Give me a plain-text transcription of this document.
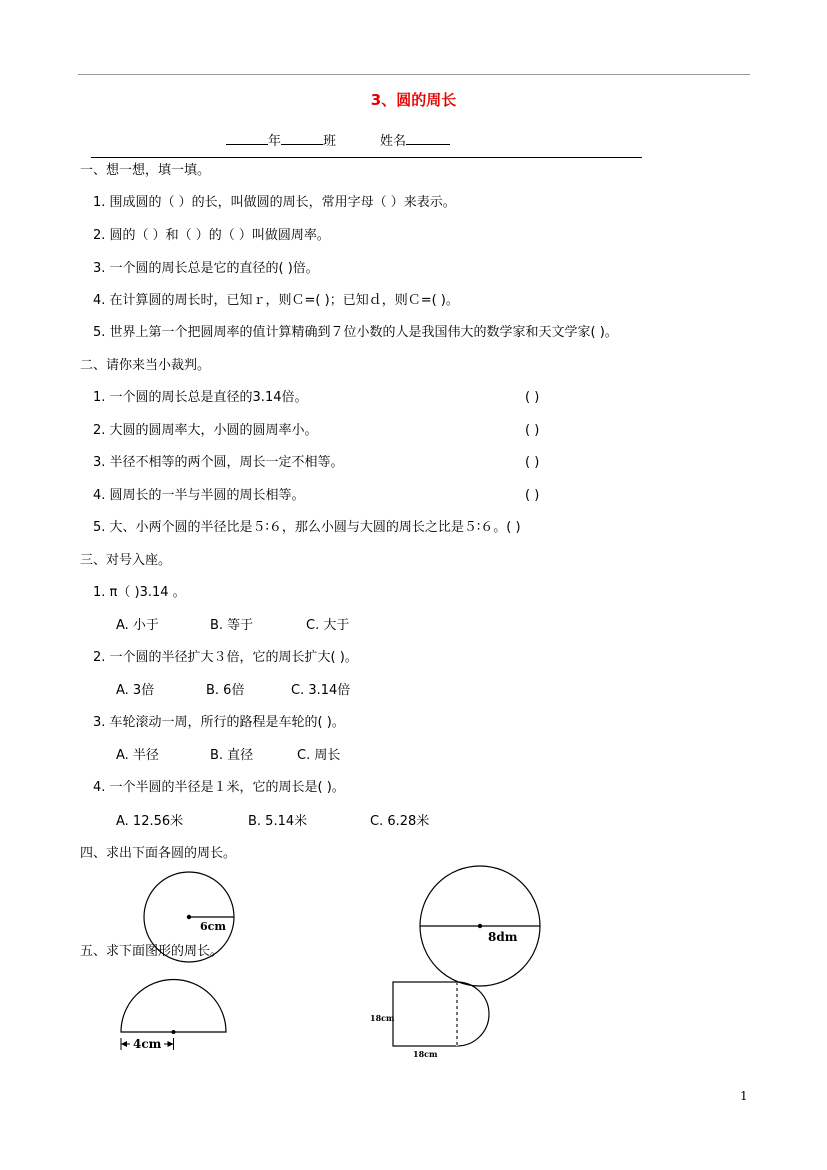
3、圆的周长
年	班	姓名
一、想一想，填一填。
1. 围成圆的（ ）的长，叫做圆的周长，常用字母（ ）来表示。
2. 圆的（ ）和（ ）的（ ）叫做圆周率。
3. 一个圆的周长总是它的直径的( )倍。
4. 在计算圆的周长时，已知ｒ，则Ｃ=( )；已知ｄ，则Ｃ=( )。
5. 世界上第一个把圆周率的值计算精确到７位小数的人是我国伟大的数学家和天文学家( )。
二、请你来当小裁判。
1. 一个圆的周长总是直径的3.14倍。	( )
2. 大圆的圆周率大，小圆的圆周率小。	( )
3. 半径不相等的两个圆，周长一定不相等。	( )
4. 圆周长的一半与半圆的周长相等。	( )
5. 大、小两个圆的半径比是５∶６，那么小圆与大圆的周长之比是５∶６。( )
三、对号入座。
1. π（ )3.14 。
A. 小于	B. 等于	C. 大于
2. 一个圆的半径扩大３倍，它的周长扩大( )。
A. 3倍	B. 6倍	C. 3.14倍
3. 车轮滚动一周，所行的路程是车轮的( )。
A. 半径	B. 直径	C. 周长
4. 一个半圆的半径是１米，它的周长是( )。
A. 12.56米	B. 5.14米	C. 6.28米
四、求出下面各圆的周长。
五、求下面图形的周长。
6cm
8dm
4cm
18cm
18cm
1
